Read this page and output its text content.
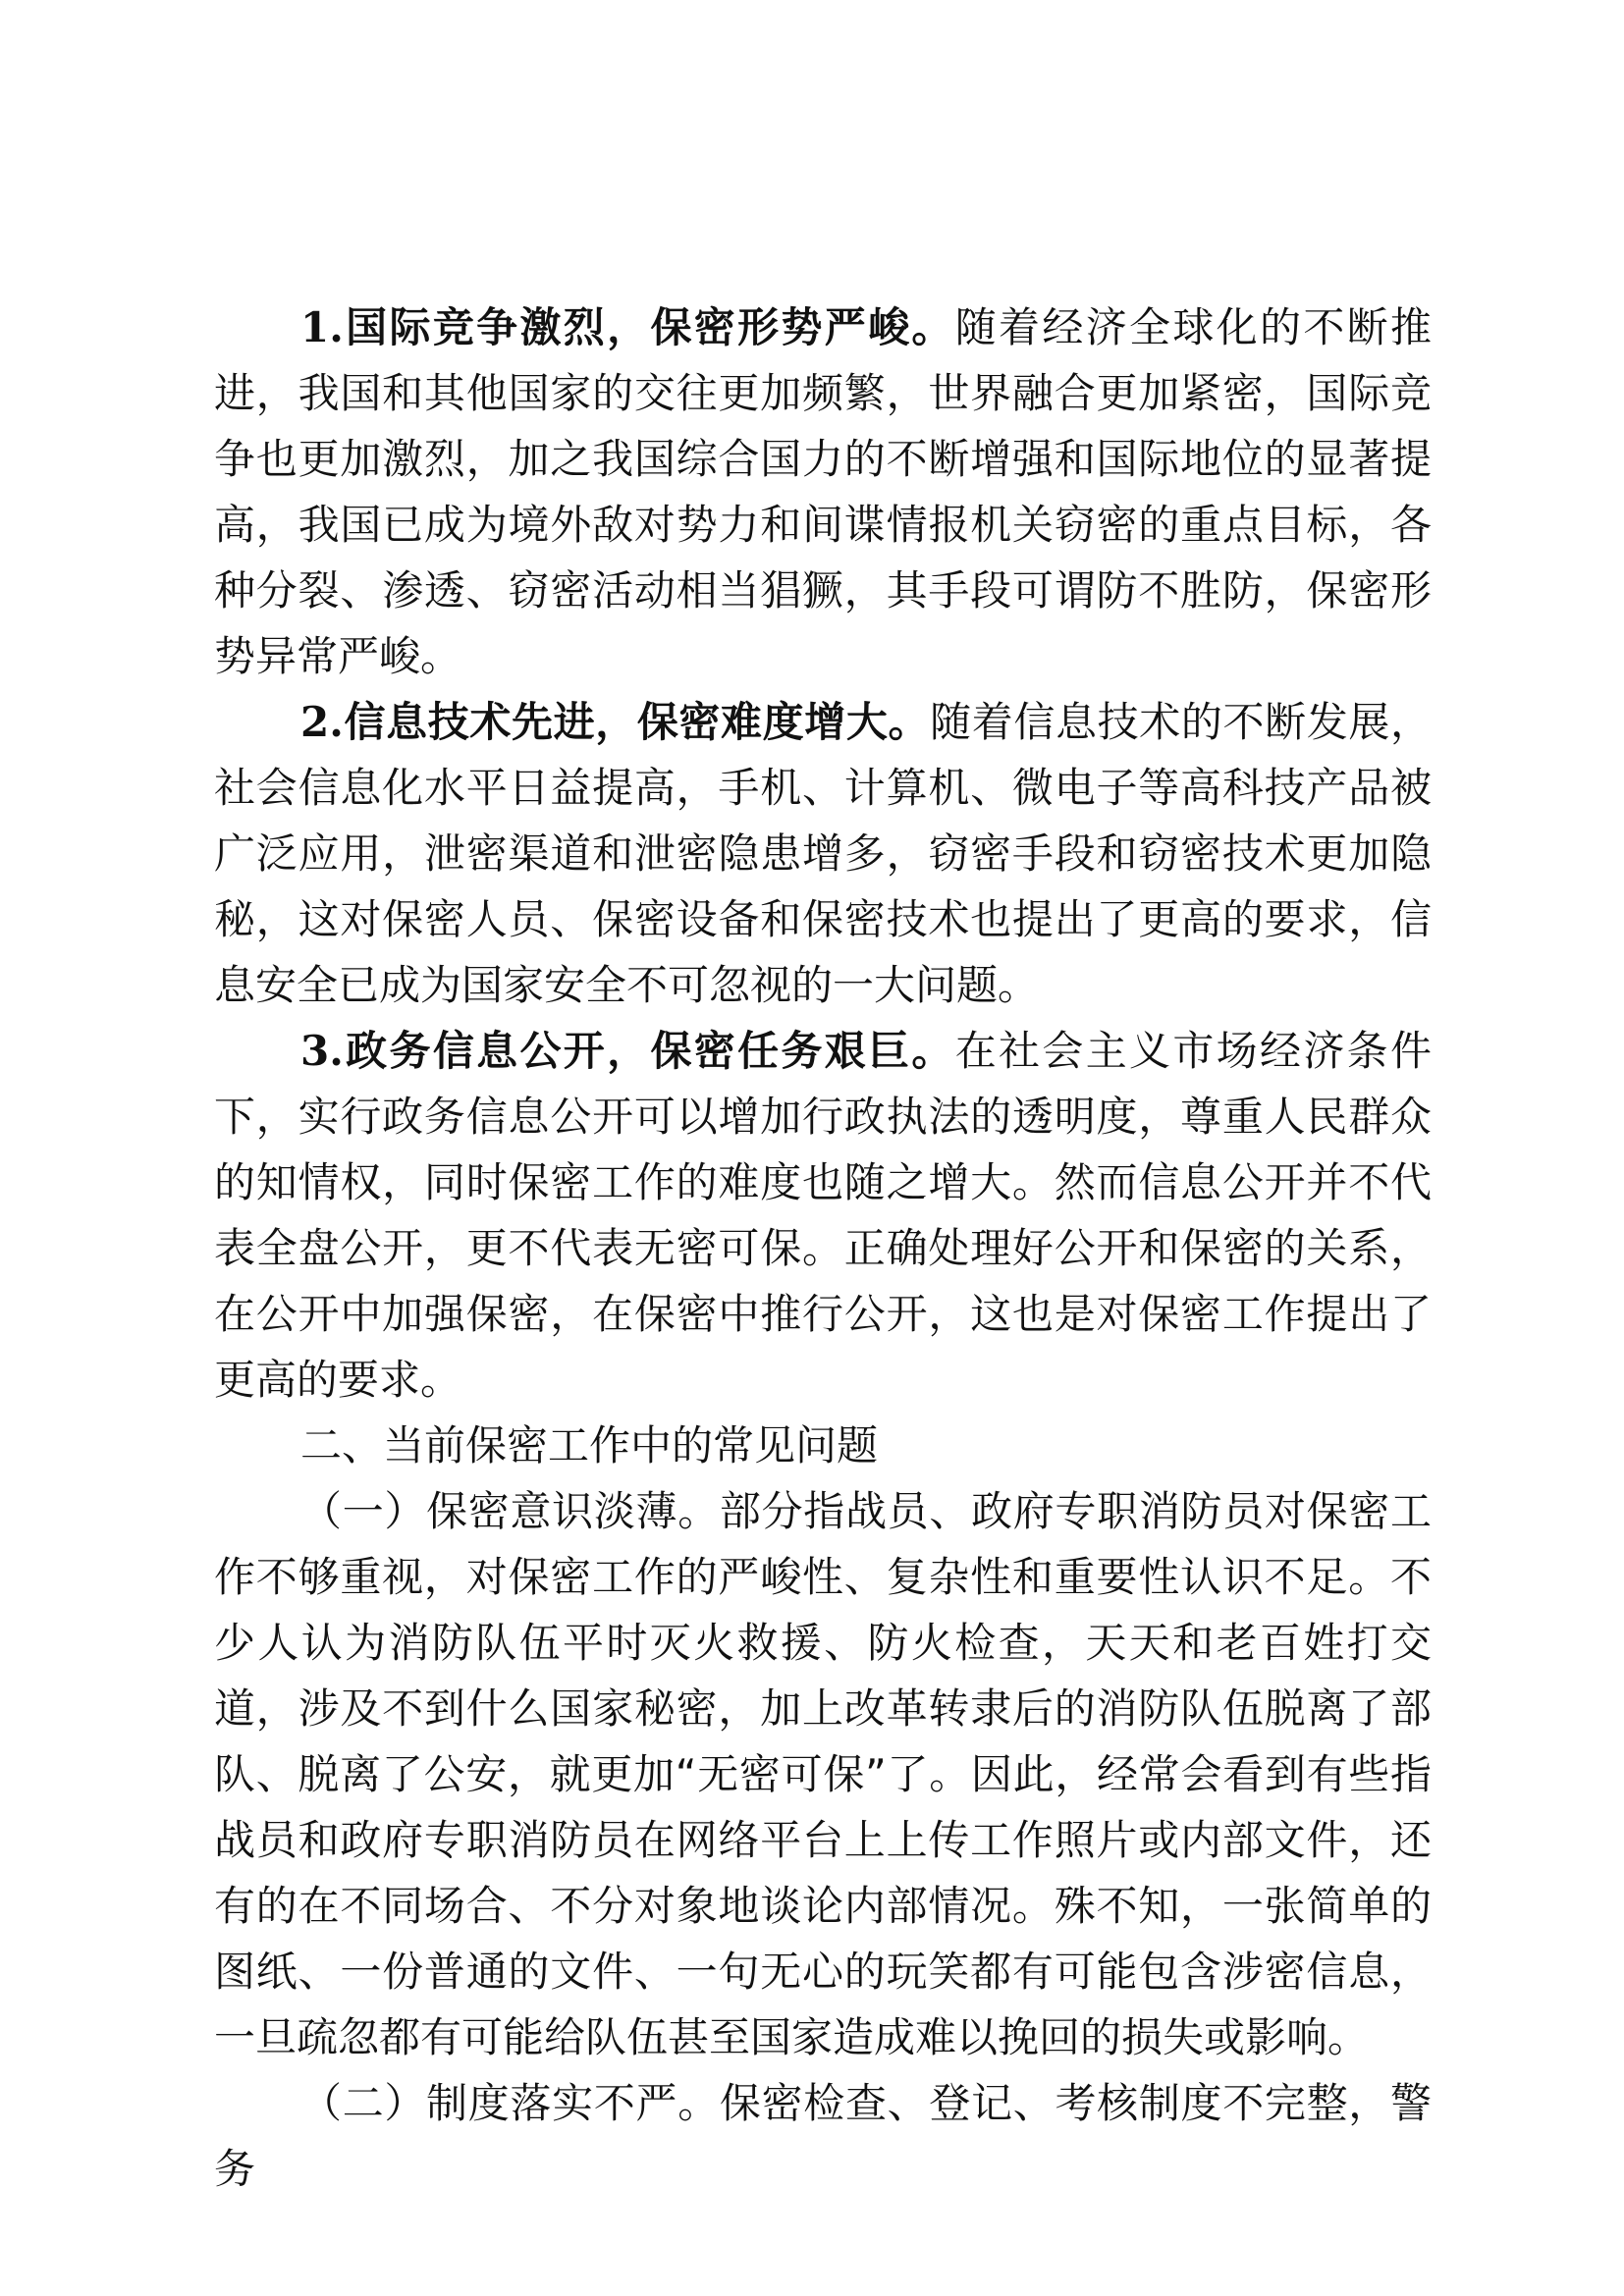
1.国际竞争激烈，保密形势严峻。随着经济全球化的不断推进，我国和其他国家的交往更加频繁，世界融合更加紧密，国际竞争也更加激烈，加之我国综合国力的不断增强和国际地位的显著提高，我国已成为境外敌对势力和间谍情报机关窃密的重点目标，各种分裂、渗透、窃密活动相当猖獗，其手段可谓防不胜防，保密形势异常严峻。

2.信息技术先进，保密难度增大。随着信息技术的不断发展，社会信息化水平日益提高，手机、计算机、微电子等高科技产品被广泛应用，泄密渠道和泄密隐患增多，窃密手段和窃密技术更加隐秘，这对保密人员、保密设备和保密技术也提出了更高的要求，信息安全已成为国家安全不可忽视的一大问题。

3.政务信息公开，保密任务艰巨。在社会主义市场经济条件下，实行政务信息公开可以增加行政执法的透明度，尊重人民群众的知情权，同时保密工作的难度也随之增大。然而信息公开并不代表全盘公开，更不代表无密可保。正确处理好公开和保密的关系，在公开中加强保密，在保密中推行公开，这也是对保密工作提出了更高的要求。

二、当前保密工作中的常见问题

（一）保密意识淡薄。部分指战员、政府专职消防员对保密工作不够重视，对保密工作的严峻性、复杂性和重要性认识不足。不少人认为消防队伍平时灭火救援、防火检查，天天和老百姓打交道，涉及不到什么国家秘密，加上改革转隶后的消防队伍脱离了部队、脱离了公安，就更加“无密可保”了。因此，经常会看到有些指战员和政府专职消防员在网络平台上上传工作照片或内部文件，还有的在不同场合、不分对象地谈论内部情况。殊不知，一张简单的图纸、一份普通的文件、一句无心的玩笑都有可能包含涉密信息，一旦疏忽都有可能给队伍甚至国家造成难以挽回的损失或影响。

（二）制度落实不严。保密检查、登记、考核制度不完整，警务
